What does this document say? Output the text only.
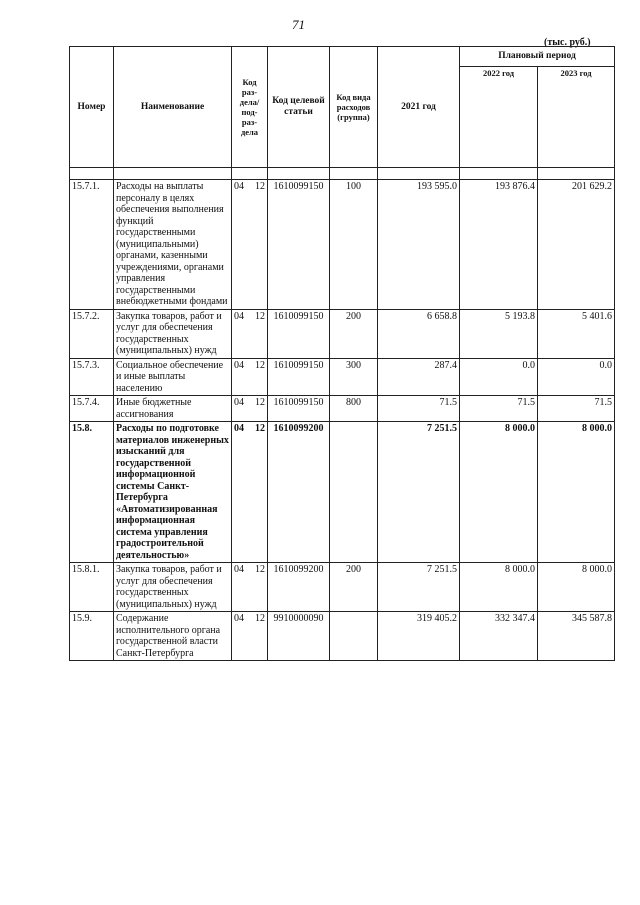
71
(тыс. руб.)
Номер	Наименование	Код раз- дела/ под- раз- дела	Код целевой статьи	Код вида расходов (группа)	2021 год	Плановый период	
						2022 год	2023 год

15.7.1.	Расходы на выплаты персоналу в целях обеспечения выполнения функций государственными (муниципальными) органами, казенными учреждениями, органами управления государственными внебюджетными фондами	04 12	1610099150	100	193 595.0	193 876.4	201 629.2
15.7.2.	Закупка товаров, работ и услуг для обеспечения государственных (муниципальных) нужд	04 12	1610099150	200	6 658.8	5 193.8	5 401.6
15.7.3.	Социальное обеспечение и иные выплаты населению	04 12	1610099150	300	287.4	0.0	0.0
15.7.4.	Иные бюджетные ассигнования	04 12	1610099150	800	71.5	71.5	71.5
15.8.	Расходы по подготовке материалов инженерных изысканий для государственной информационной системы Санкт-Петербурга «Автоматизированная информационная система управления градостроительной деятельностью»	04 12	1610099200		7 251.5	8 000.0	8 000.0
15.8.1.	Закупка товаров, работ и услуг для обеспечения государственных (муниципальных) нужд	04 12	1610099200	200	7 251.5	8 000.0	8 000.0
15.9.	Содержание исполнительного органа государственной власти Санкт-Петербурга	04 12	9910000090		319 405.2	332 347.4	345 587.8
